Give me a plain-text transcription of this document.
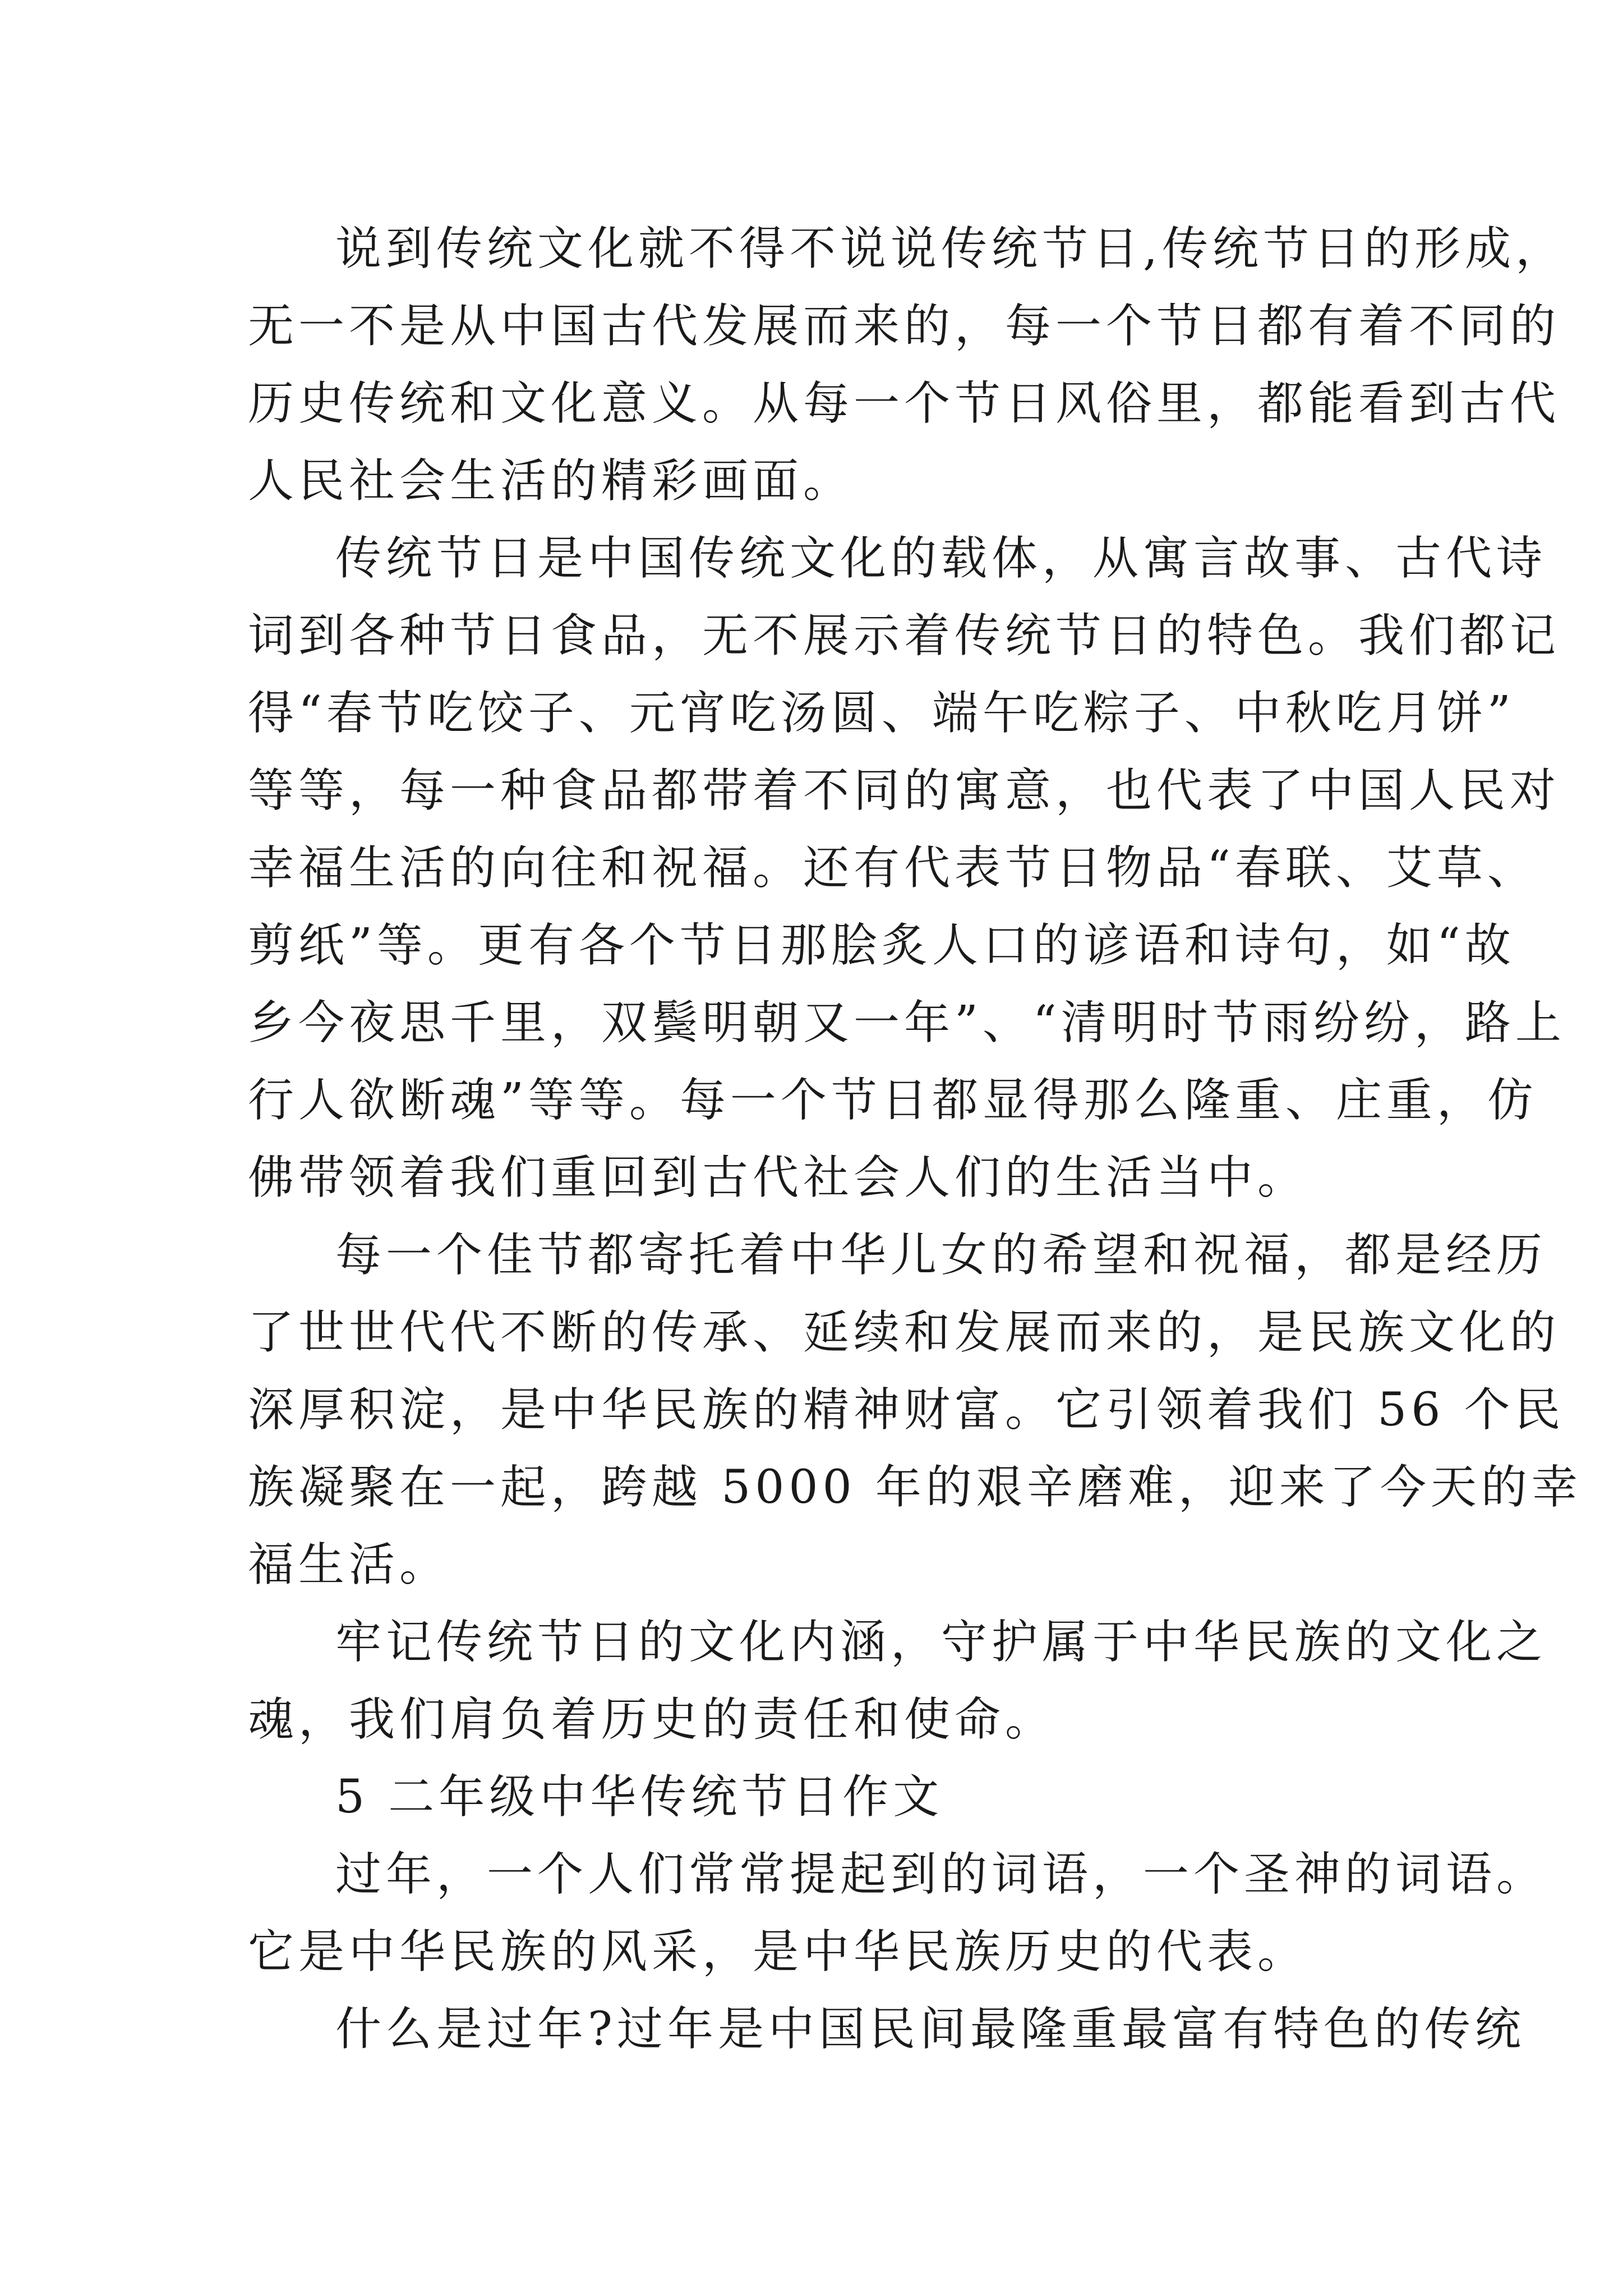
说到传统文化就不得不说说传统节日,传统节日的形成，

无一不是从中国古代发展而来的，每一个节日都有着不同的

历史传统和文化意义。从每一个节日风俗里，都能看到古代

人民社会生活的精彩画面。

传统节日是中国传统文化的载体，从寓言故事、古代诗

词到各种节日食品，无不展示着传统节日的特色。我们都记

得“春节吃饺子、元宵吃汤圆、端午吃粽子、中秋吃月饼”

等等，每一种食品都带着不同的寓意，也代表了中国人民对

幸福生活的向往和祝福。还有代表节日物品“春联、艾草、

剪纸”等。更有各个节日那脍炙人口的谚语和诗句，如“故

乡今夜思千里，双鬓明朝又一年”、“清明时节雨纷纷，路上

行人欲断魂”等等。每一个节日都显得那么隆重、庄重，仿

佛带领着我们重回到古代社会人们的生活当中。

每一个佳节都寄托着中华儿女的希望和祝福，都是经历

了世世代代不断的传承、延续和发展而来的，是民族文化的

深厚积淀，是中华民族的精神财富。它引领着我们 56 个民

族凝聚在一起，跨越 5000 年的艰辛磨难，迎来了今天的幸

福生活。

牢记传统节日的文化内涵，守护属于中华民族的文化之

魂，我们肩负着历史的责任和使命。

5 二年级中华传统节日作文

过年，一个人们常常提起到的词语，一个圣神的词语。

它是中华民族的风采，是中华民族历史的代表。

什么是过年?过年是中国民间最隆重最富有特色的传统
